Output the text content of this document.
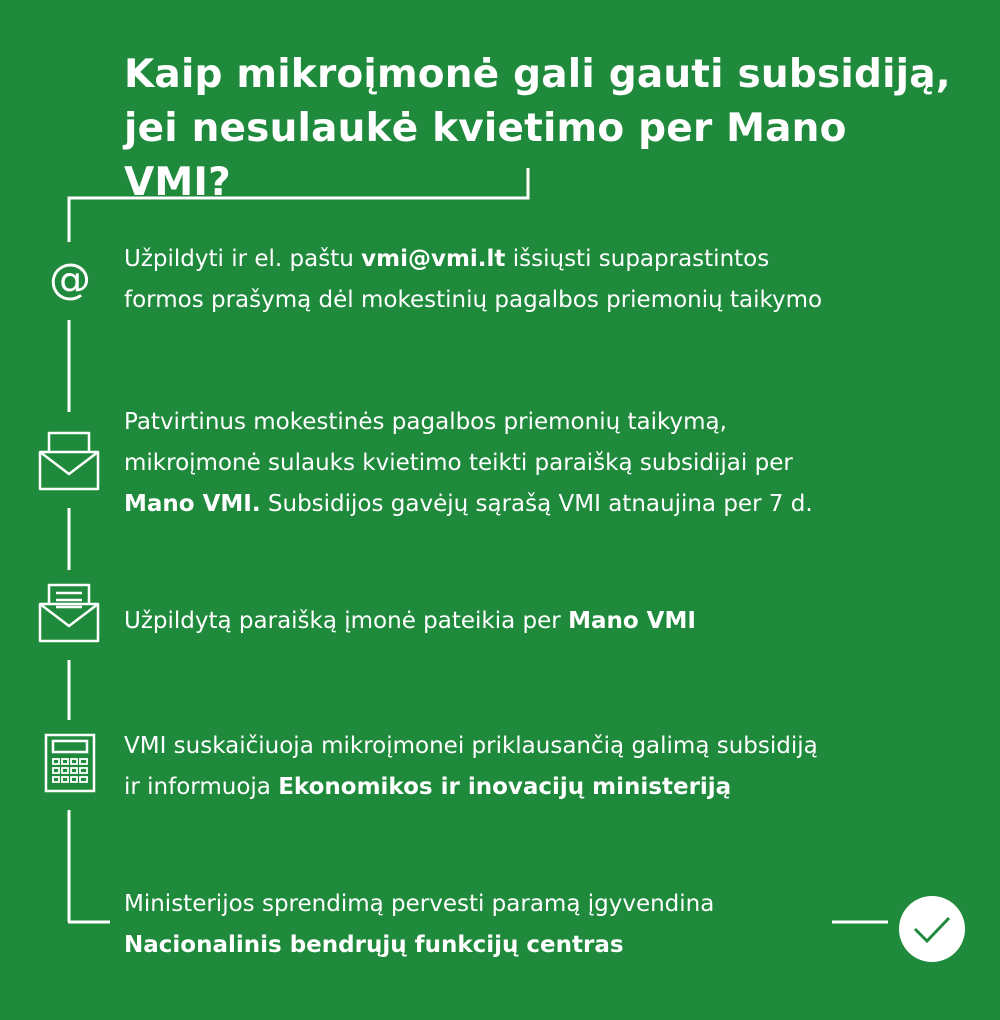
Kaip mikroįmonė gali gauti subsidiją,
jei nesulaukė kvietimo per Mano VMI?
@ Užpildyti ir el. paštu vmi@vmi.lt išsiųsti supaprastintos
formos prašymą dėl mokestinių pagalbos priemonių taikymo
Patvirtinus mokestinės pagalbos priemonių taikymą,
mikroįmonė sulauks kvietimo teikti paraišką subsidijai per
Mano VMI. Subsidijos gavėjų sąrašą VMI atnaujina per 7 d.
Užpildytą paraišką įmonė pateikia per Mano VMI
VMI suskaičiuoja mikroįmonei priklausančią galimą subsidiją
ir informuoja Ekonomikos ir inovacijų ministeriją
Ministerijos sprendimą pervesti paramą įgyvendina
Nacionalinis bendrųjų funkcijų centras
